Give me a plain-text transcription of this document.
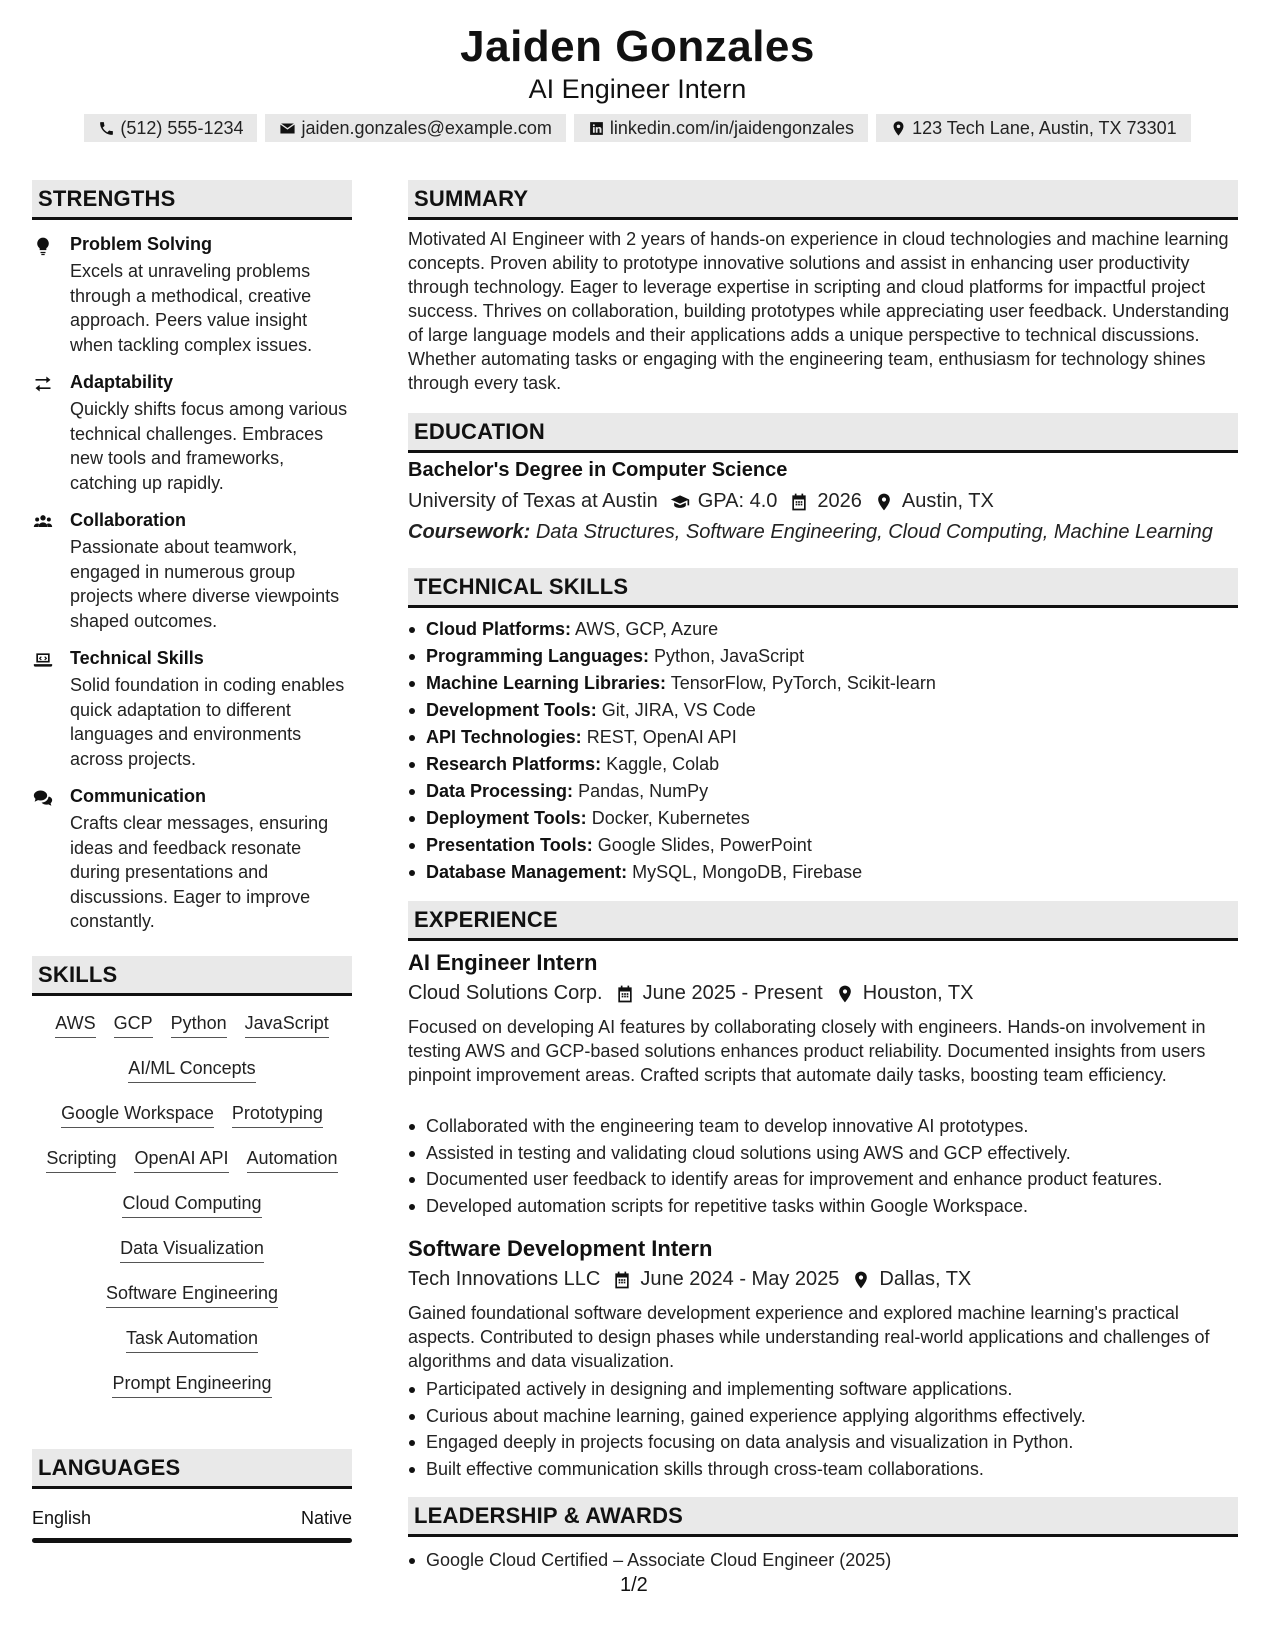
Jaiden Gonzales
AI Engineer Intern
(512) 555-1234	jaiden.gonzales@example.com	linkedin.com/in/jaidengonzales	123 Tech Lane, Austin, TX 73301
STRENGTHS
Problem Solving
Excels at unraveling problems through a methodical, creative approach. Peers value insight when tackling complex issues.
Adaptability
Quickly shifts focus among various technical challenges. Embraces new tools and frameworks, catching up rapidly.
Collaboration
Passionate about teamwork, engaged in numerous group projects where diverse viewpoints shaped outcomes.
Technical Skills
Solid foundation in coding enables quick adaptation to different languages and environments across projects.
Communication
Crafts clear messages, ensuring ideas and feedback resonate during presentations and discussions. Eager to improve constantly.
SKILLS
AWS GCP Python JavaScript
AI/ML Concepts
Google Workspace Prototyping
Scripting OpenAI API Automation
Cloud Computing
Data Visualization
Software Engineering
Task Automation
Prompt Engineering
LANGUAGES
English	Native
SUMMARY
Motivated AI Engineer with 2 years of hands-on experience in cloud technologies and machine learning concepts. Proven ability to prototype innovative solutions and assist in enhancing user productivity through technology. Eager to leverage expertise in scripting and cloud platforms for impactful project success. Thrives on collaboration, building prototypes while appreciating user feedback. Understanding of large language models and their applications adds a unique perspective to technical discussions. Whether automating tasks or engaging with the engineering team, enthusiasm for technology shines through every task.
EDUCATION
Bachelor's Degree in Computer Science
University of Texas at Austin GPA: 4.0 2026 Austin, TX
Coursework: Data Structures, Software Engineering, Cloud Computing, Machine Learning
TECHNICAL SKILLS
Cloud Platforms: AWS, GCP, Azure
Programming Languages: Python, JavaScript
Machine Learning Libraries: TensorFlow, PyTorch, Scikit-learn
Development Tools: Git, JIRA, VS Code
API Technologies: REST, OpenAI API
Research Platforms: Kaggle, Colab
Data Processing: Pandas, NumPy
Deployment Tools: Docker, Kubernetes
Presentation Tools: Google Slides, PowerPoint
Database Management: MySQL, MongoDB, Firebase
EXPERIENCE
AI Engineer Intern
Cloud Solutions Corp. June 2025 - Present Houston, TX
Focused on developing AI features by collaborating closely with engineers. Hands-on involvement in testing AWS and GCP-based solutions enhances product reliability. Documented insights from users pinpoint improvement areas. Crafted scripts that automate daily tasks, boosting team efficiency.
Collaborated with the engineering team to develop innovative AI prototypes.
Assisted in testing and validating cloud solutions using AWS and GCP effectively.
Documented user feedback to identify areas for improvement and enhance product features.
Developed automation scripts for repetitive tasks within Google Workspace.
Software Development Intern
Tech Innovations LLC June 2024 - May 2025 Dallas, TX
Gained foundational software development experience and explored machine learning's practical aspects. Contributed to design phases while understanding real-world applications and challenges of algorithms and data visualization.
Participated actively in designing and implementing software applications.
Curious about machine learning, gained experience applying algorithms effectively.
Engaged deeply in projects focusing on data analysis and visualization in Python.
Built effective communication skills through cross-team collaborations.
LEADERSHIP & AWARDS
Google Cloud Certified – Associate Cloud Engineer (2025)
1/2
